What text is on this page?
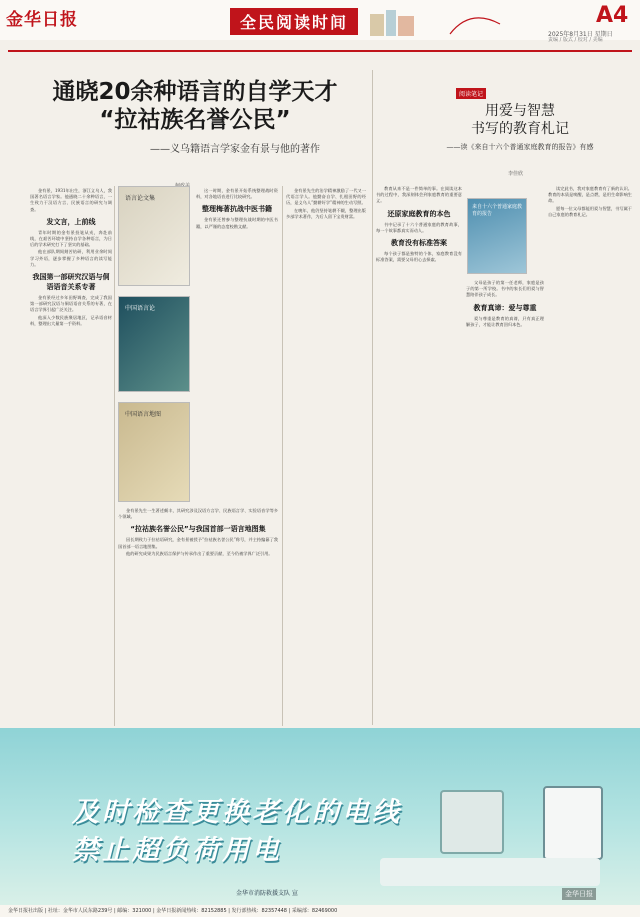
金华日报	全民阅读时间	A4
2025年8月31日 星期日
责编 / 版式 / 校对 / 美编
通晓20余种语言的自学天才
“拉祜族名誉公民”
——义乌籍语言学家金有景与他的著作

金有景，1931年出生，浙江义乌人，我国著名语言学家。他通晓二十余种语言，一生致力于汉语方言、民族语言的研究与调查。

发文言，上前线

青年时期的金有景投笔从戎，奔赴前线，在艰苦环境中坚持自学各种语言，为日后的学术研究打下了坚实的基础。

他在部队期间刻苦钻研，利用业余时间学习外语，逐步掌握了多种语言的读写能力。

我国第一部研究汉语与侗语语音关系专著

金有景经过多年田野调查，完成了我国第一部研究汉语与侗语语音关系的专著，在语言学界引起广泛关注。

他深入少数民族聚居地区，记录语音材料，整理出大量第一手资料。

语言论文集
中国语言论
中国语言地图

金有景先生一生著述颇丰，其研究涉及汉语方言学、民族语言学、实验语音学等多个领域。

“拉祜族名誉公民”与我国首部一语言地图集

因长期致力于拉祜语研究，金有景被授予“拉祜族名誉公民”称号，并主持编纂了我国首部一语言地图集。

他的研究成果为民族语言保护与传承作出了重要贡献，至今仍被学界广泛引用。

这一时期，金有景开始系统整理战时资料，对各地语音进行比较研究。

整理梅著抗战中医书籍

金有景还曾参与整理抗战时期的中医书籍，以严谨的态度校勘文献。

金有景先生的治学精神激励了一代又一代语言学人。他勤奋自学、扎根田野的经历，是义乌人“勤耕好学”精神的生动写照。

在晚年，他仍坚持笔耕不辍，整理出版多部学术著作，为后人留下宝贵财富。

阅读笔记
用爱与智慧
书写的教育札记
——读《来自十六个普通家庭教育的报告》有感
李佳欣

教育从来不是一件简单的事。在阅读这本书的过程中，我深刻体会到家庭教育的重要意义。

还原家庭教育的本色

书中记录了十六个普通家庭的教育故事，每一个故事都真实而动人。

教育没有标准答案

每个孩子都是独特的个体，家庭教育没有标准答案，需要父母用心去探索。

来自十六个普通家庭教育的报告

父母是孩子的第一任老师，家庭是孩子的第一所学校。书中的家长们用爱与智慧陪伴孩子成长。

教育真谛：爱与尊重

爱与尊重是教育的真谛，只有真正理解孩子，才能让教育回归本色。

读完此书，我对家庭教育有了新的认识。教育的本质是唤醒，是点燃，是用生命影响生命。

愿每一位父母都能用爱与智慧，书写属于自己家庭的教育札记。

及时检查更换老化的电线
禁止超负荷用电
金华市消防救援支队 宣	金华日报
金华日报社出版 | 社址：金华市人民东路239号 | 邮编：321000 | 金华日报新闻热线：82152885 | 发行部热线：82357448 | 采编部：82469000
